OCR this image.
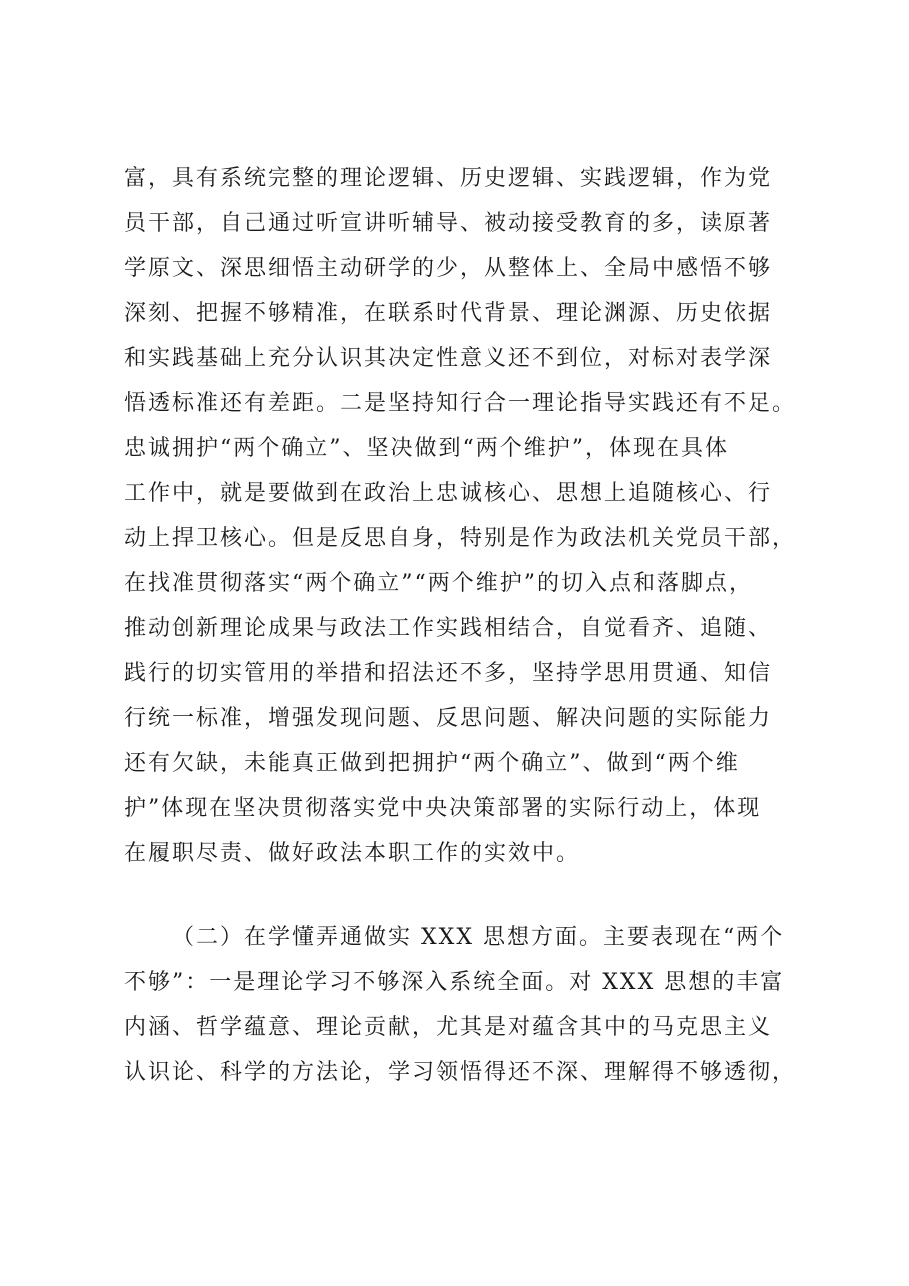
富，具有系统完整的理论逻辑、历史逻辑、实践逻辑，作为党
员干部，自己通过听宣讲听辅导、被动接受教育的多，读原著
学原文、深思细悟主动研学的少，从整体上、全局中感悟不够
深刻、把握不够精准，在联系时代背景、理论渊源、历史依据
和实践基础上充分认识其决定性意义还不到位，对标对表学深
悟透标准还有差距。二是坚持知行合一理论指导实践还有不足。
忠诚拥护“两个确立”、坚决做到“两个维护”，体现在具体
工作中，就是要做到在政治上忠诚核心、思想上追随核心、行
动上捍卫核心。但是反思自身，特别是作为政法机关党员干部，
在找准贯彻落实“两个确立”“两个维护”的切入点和落脚点，
推动创新理论成果与政法工作实践相结合，自觉看齐、追随、
践行的切实管用的举措和招法还不多，坚持学思用贯通、知信
行统一标准，增强发现问题、反思问题、解决问题的实际能力
还有欠缺，未能真正做到把拥护“两个确立”、做到“两个维
护”体现在坚决贯彻落实党中央决策部署的实际行动上，体现
在履职尽责、做好政法本职工作的实效中。
（二）在学懂弄通做实 XXX 思想方面。主要表现在“两个
不够”：一是理论学习不够深入系统全面。对 XXX 思想的丰富
内涵、哲学蕴意、理论贡献，尤其是对蕴含其中的马克思主义
认识论、科学的方法论，学习领悟得还不深、理解得不够透彻，
